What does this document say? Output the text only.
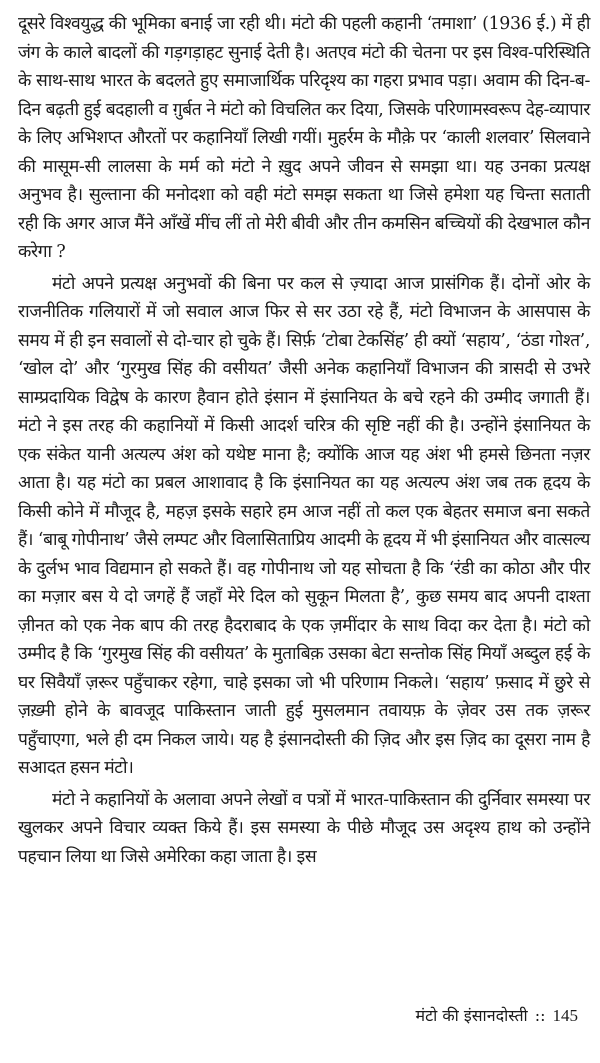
दूसरे विश्वयुद्ध की भूमिका बनाई जा रही थी। मंटो की पहली कहानी ‘तमाशा’ (1936 ई.) में ही जंग के काले बादलों की गड़गड़ाहट सुनाई देती है। अतएव मंटो की चेतना पर इस विश्व-परिस्थिति के साथ-साथ भारत के बदलते हुए समाजार्थिक परिदृश्य का गहरा प्रभाव पड़ा। अवाम की दिन-ब-दिन बढ़ती हुई बदहाली व ग़ुर्बत ने मंटो को विचलित कर दिया, जिसके परिणामस्वरूप देह-व्यापार के लिए अभिशप्त औरतों पर कहानियाँ लिखी गयीं। मुहर्रम के मौक़े पर ‘काली शलवार’ सिलवाने की मासूम-सी लालसा के मर्म को मंटो ने ख़ुद अपने जीवन से समझा था। यह उनका प्रत्यक्ष अनुभव है। सुल्ताना की मनोदशा को वही मंटो समझ सकता था जिसे हमेशा यह चिन्ता सताती रही कि अगर आज मैंने आँखें मींच लीं तो मेरी बीवी और तीन कमसिन बच्चियों की देखभाल कौन करेगा ?

मंटो अपने प्रत्यक्ष अनुभवों की बिना पर कल से ज़्यादा आज प्रासंगिक हैं। दोनों ओर के राजनीतिक गलियारों में जो सवाल आज फिर से सर उठा रहे हैं, मंटो विभाजन के आसपास के समय में ही इन सवालों से दो-चार हो चुके हैं। सिर्फ़ ‘टोबा टेकसिंह’ ही क्यों ‘सहाय’, ‘ठंडा गोश्त’, ‘खोल दो’ और ‘गुरमुख सिंह की वसीयत’ जैसी अनेक कहानियाँ विभाजन की त्रासदी से उभरे साम्प्रदायिक विद्वेष के कारण हैवान होते इंसान में इंसानियत के बचे रहने की उम्मीद जगाती हैं। मंटो ने इस तरह की कहानियों में किसी आदर्श चरित्र की सृष्टि नहीं की है। उन्होंने इंसानियत के एक संकेत यानी अत्यल्प अंश को यथेष्ट माना है; क्योंकि आज यह अंश भी हमसे छिनता नज़र आता है। यह मंटो का प्रबल आशावाद है कि इंसानियत का यह अत्यल्प अंश जब तक हृदय के किसी कोने में मौजूद है, महज़ इसके सहारे हम आज नहीं तो कल एक बेहतर समाज बना सकते हैं। ‘बाबू गोपीनाथ’ जैसे लम्पट और विलासिताप्रिय आदमी के हृदय में भी इंसानियत और वात्सल्य के दुर्लभ भाव विद्यमान हो सकते हैं। वह गोपीनाथ जो यह सोचता है कि ‘रंडी का कोठा और पीर का मज़ार बस ये दो जगहें हैं जहाँ मेरे दिल को सुकून मिलता है’, कुछ समय बाद अपनी दाश्ता ज़ीनत को एक नेक बाप की तरह हैदराबाद के एक ज़मींदार के साथ विदा कर देता है। मंटो को उम्मीद है कि ‘गुरमुख सिंह की वसीयत’ के मुताबिक़ उसका बेटा सन्तोक सिंह मियाँ अब्दुल हई के घर सिवैयाँ ज़रूर पहुँचाकर रहेगा, चाहे इसका जो भी परिणाम निकले। ‘सहाय’ फ़साद में छुरे से ज़ख़्मी होने के बावजूद पाकिस्तान जाती हुई मुसलमान तवायफ़ के ज़ेवर उस तक ज़रूर पहुँचाएगा, भले ही दम निकल जाये। यह है इंसानदोस्ती की ज़िद और इस ज़िद का दूसरा नाम है सआदत हसन मंटो।

मंटो ने कहानियों के अलावा अपने लेखों व पत्रों में भारत-पाकिस्तान की दुर्निवार समस्या पर खुलकर अपने विचार व्यक्त किये हैं। इस समस्या के पीछे मौजूद उस अदृश्य हाथ को उन्होंने पहचान लिया था जिसे अमेरिका कहा जाता है। इस

मंटो की इंसानदोस्ती :: 145
